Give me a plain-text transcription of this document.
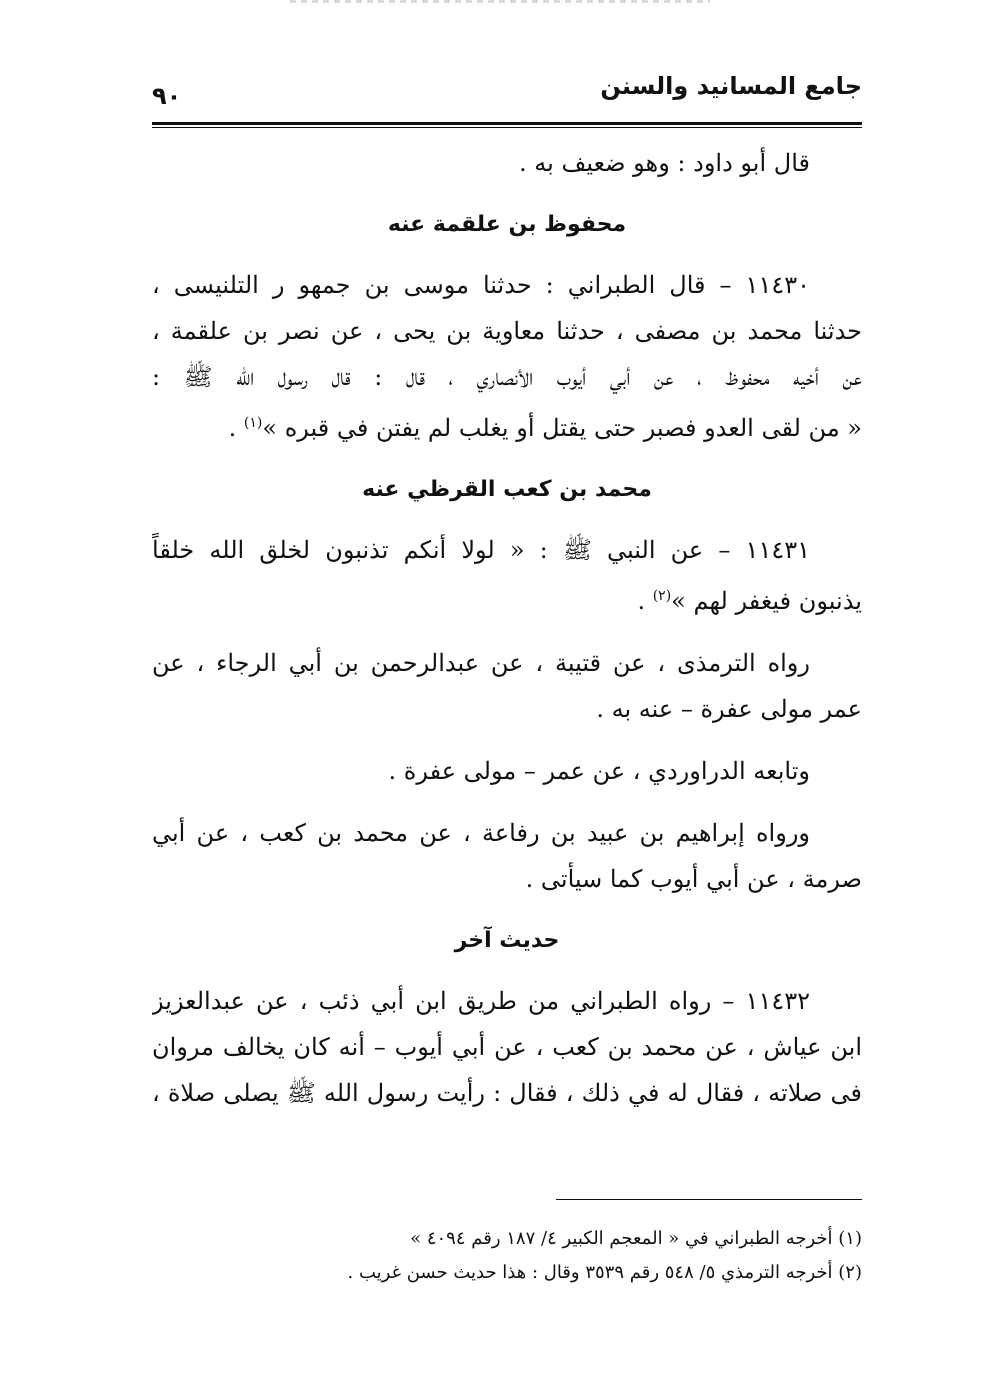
جامع المسانيد والسنن
٩٠
قال أبو داود : وهو ضعيف به .
محفوظ بن علقمة عنه
١١٤٣٠ – قال الطبراني : حدثنا موسى بن جمهو ر التلنيسى ،
حدثنا محمد بن مصفى ، حدثنا معاوية بن يحى ، عن نصر بن علقمة ،
عن أخيه محفوظ ، عن أبي أيوب الأنصاري ، قال : قال رسول الله ﷺ :
« من لقى العدو فصبر حتى يقتل أو يغلب لم يفتن في قبره »$^{(١)}$ .
محمد بن كعب القرظي عنه
١١٤٣١ – عن النبي ﷺ : « لولا أنكم تذنبون لخلق الله خلقاً
يذنبون فيغفر لهم »$^{(٢)}$ .
رواه الترمذى ، عن قتيبة ، عن عبدالرحمن بن أبي الرجاء ، عن
عمر مولى عفرة – عنه به .
وتابعه الدراوردي ، عن عمر – مولى عفرة .
ورواه إبراهيم بن عبيد بن رفاعة ، عن محمد بن كعب ، عن أبي
صرمة ، عن أبي أيوب كما سيأتى .
حديث آخر
١١٤٣٢ – رواه الطبراني من طريق ابن أبي ذئب ، عن عبدالعزيز
ابن عياش ، عن محمد بن كعب ، عن أبي أيوب – أنه كان يخالف مروان
فى صلاته ، فقال له في ذلك ، فقال : رأيت رسول الله ﷺ يصلى صلاة ،
(١) أخرجه الطبراني في « المعجم الكبير ٤/ ١٨٧ رقم ٤٠٩٤ »
(٢) أخرجه الترمذي ٥/ ٥٤٨ رقم ٣٥٣٩ وقال : هذا حديث حسن غريب .
